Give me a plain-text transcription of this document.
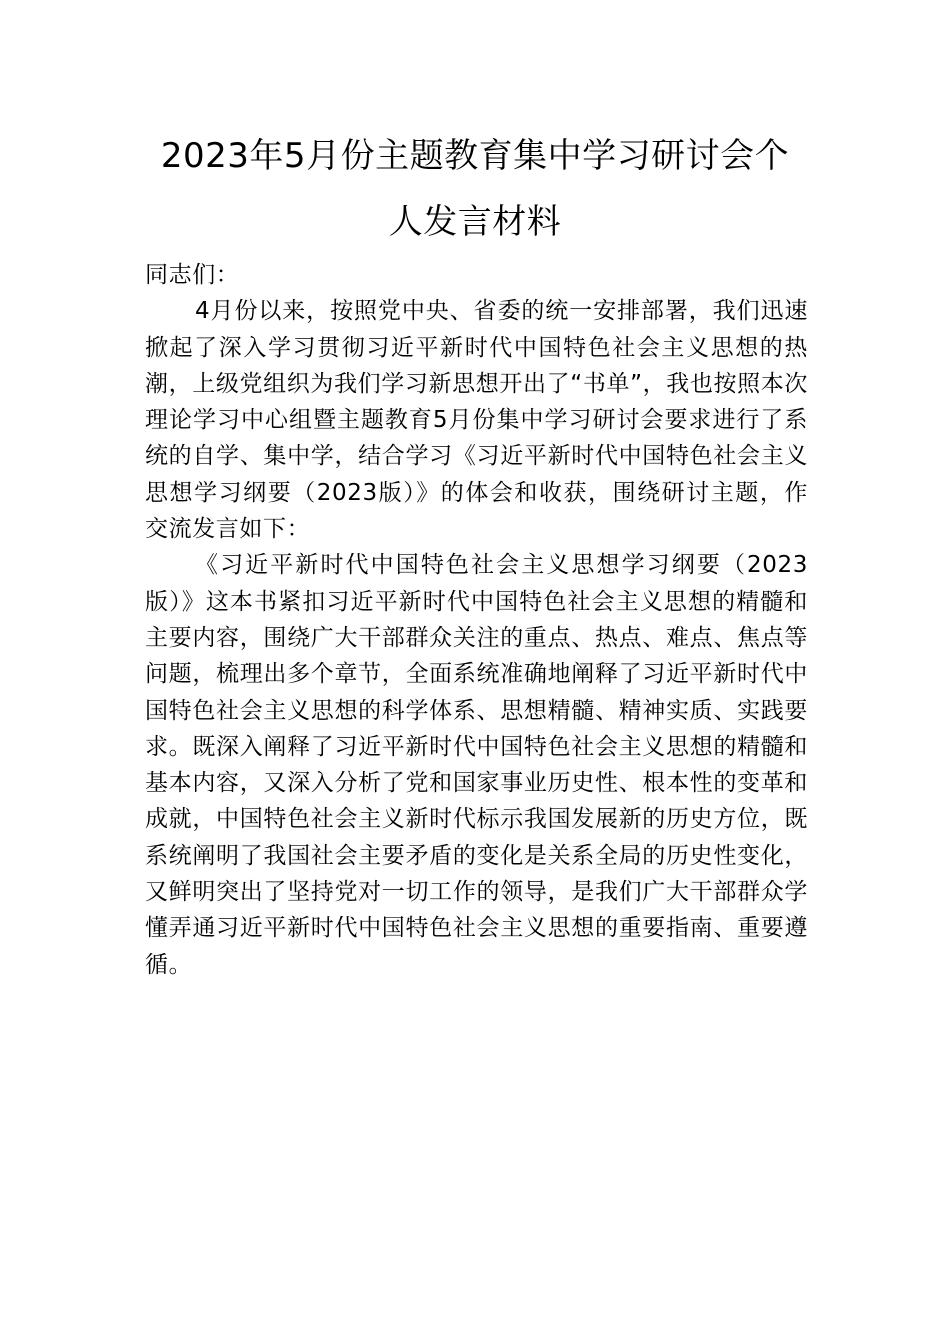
2023年5月份主题教育集中学习研讨会个
人发言材料

同志们：

4月份以来，按照党中央、省委的统一安排部署，我们迅速掀起了深入学习贯彻习近平新时代中国特色社会主义思想的热潮，上级党组织为我们学习新思想开出了“书单”，我也按照本次理论学习中心组暨主题教育5月份集中学习研讨会要求进行了系统的自学、集中学，结合学习《习近平新时代中国特色社会主义思想学习纲要（2023版）》的体会和收获，围绕研讨主题，作交流发言如下：

《习近平新时代中国特色社会主义思想学习纲要（2023版）》这本书紧扣习近平新时代中国特色社会主义思想的精髓和主要内容，围绕广大干部群众关注的重点、热点、难点、焦点等问题，梳理出多个章节，全面系统准确地阐释了习近平新时代中国特色社会主义思想的科学体系、思想精髓、精神实质、实践要求。既深入阐释了习近平新时代中国特色社会主义思想的精髓和基本内容，又深入分析了党和国家事业历史性、根本性的变革和成就，中国特色社会主义新时代标示我国发展新的历史方位，既系统阐明了我国社会主要矛盾的变化是关系全局的历史性变化，又鲜明突出了坚持党对一切工作的领导，是我们广大干部群众学懂弄通习近平新时代中国特色社会主义思想的重要指南、重要遵循。
